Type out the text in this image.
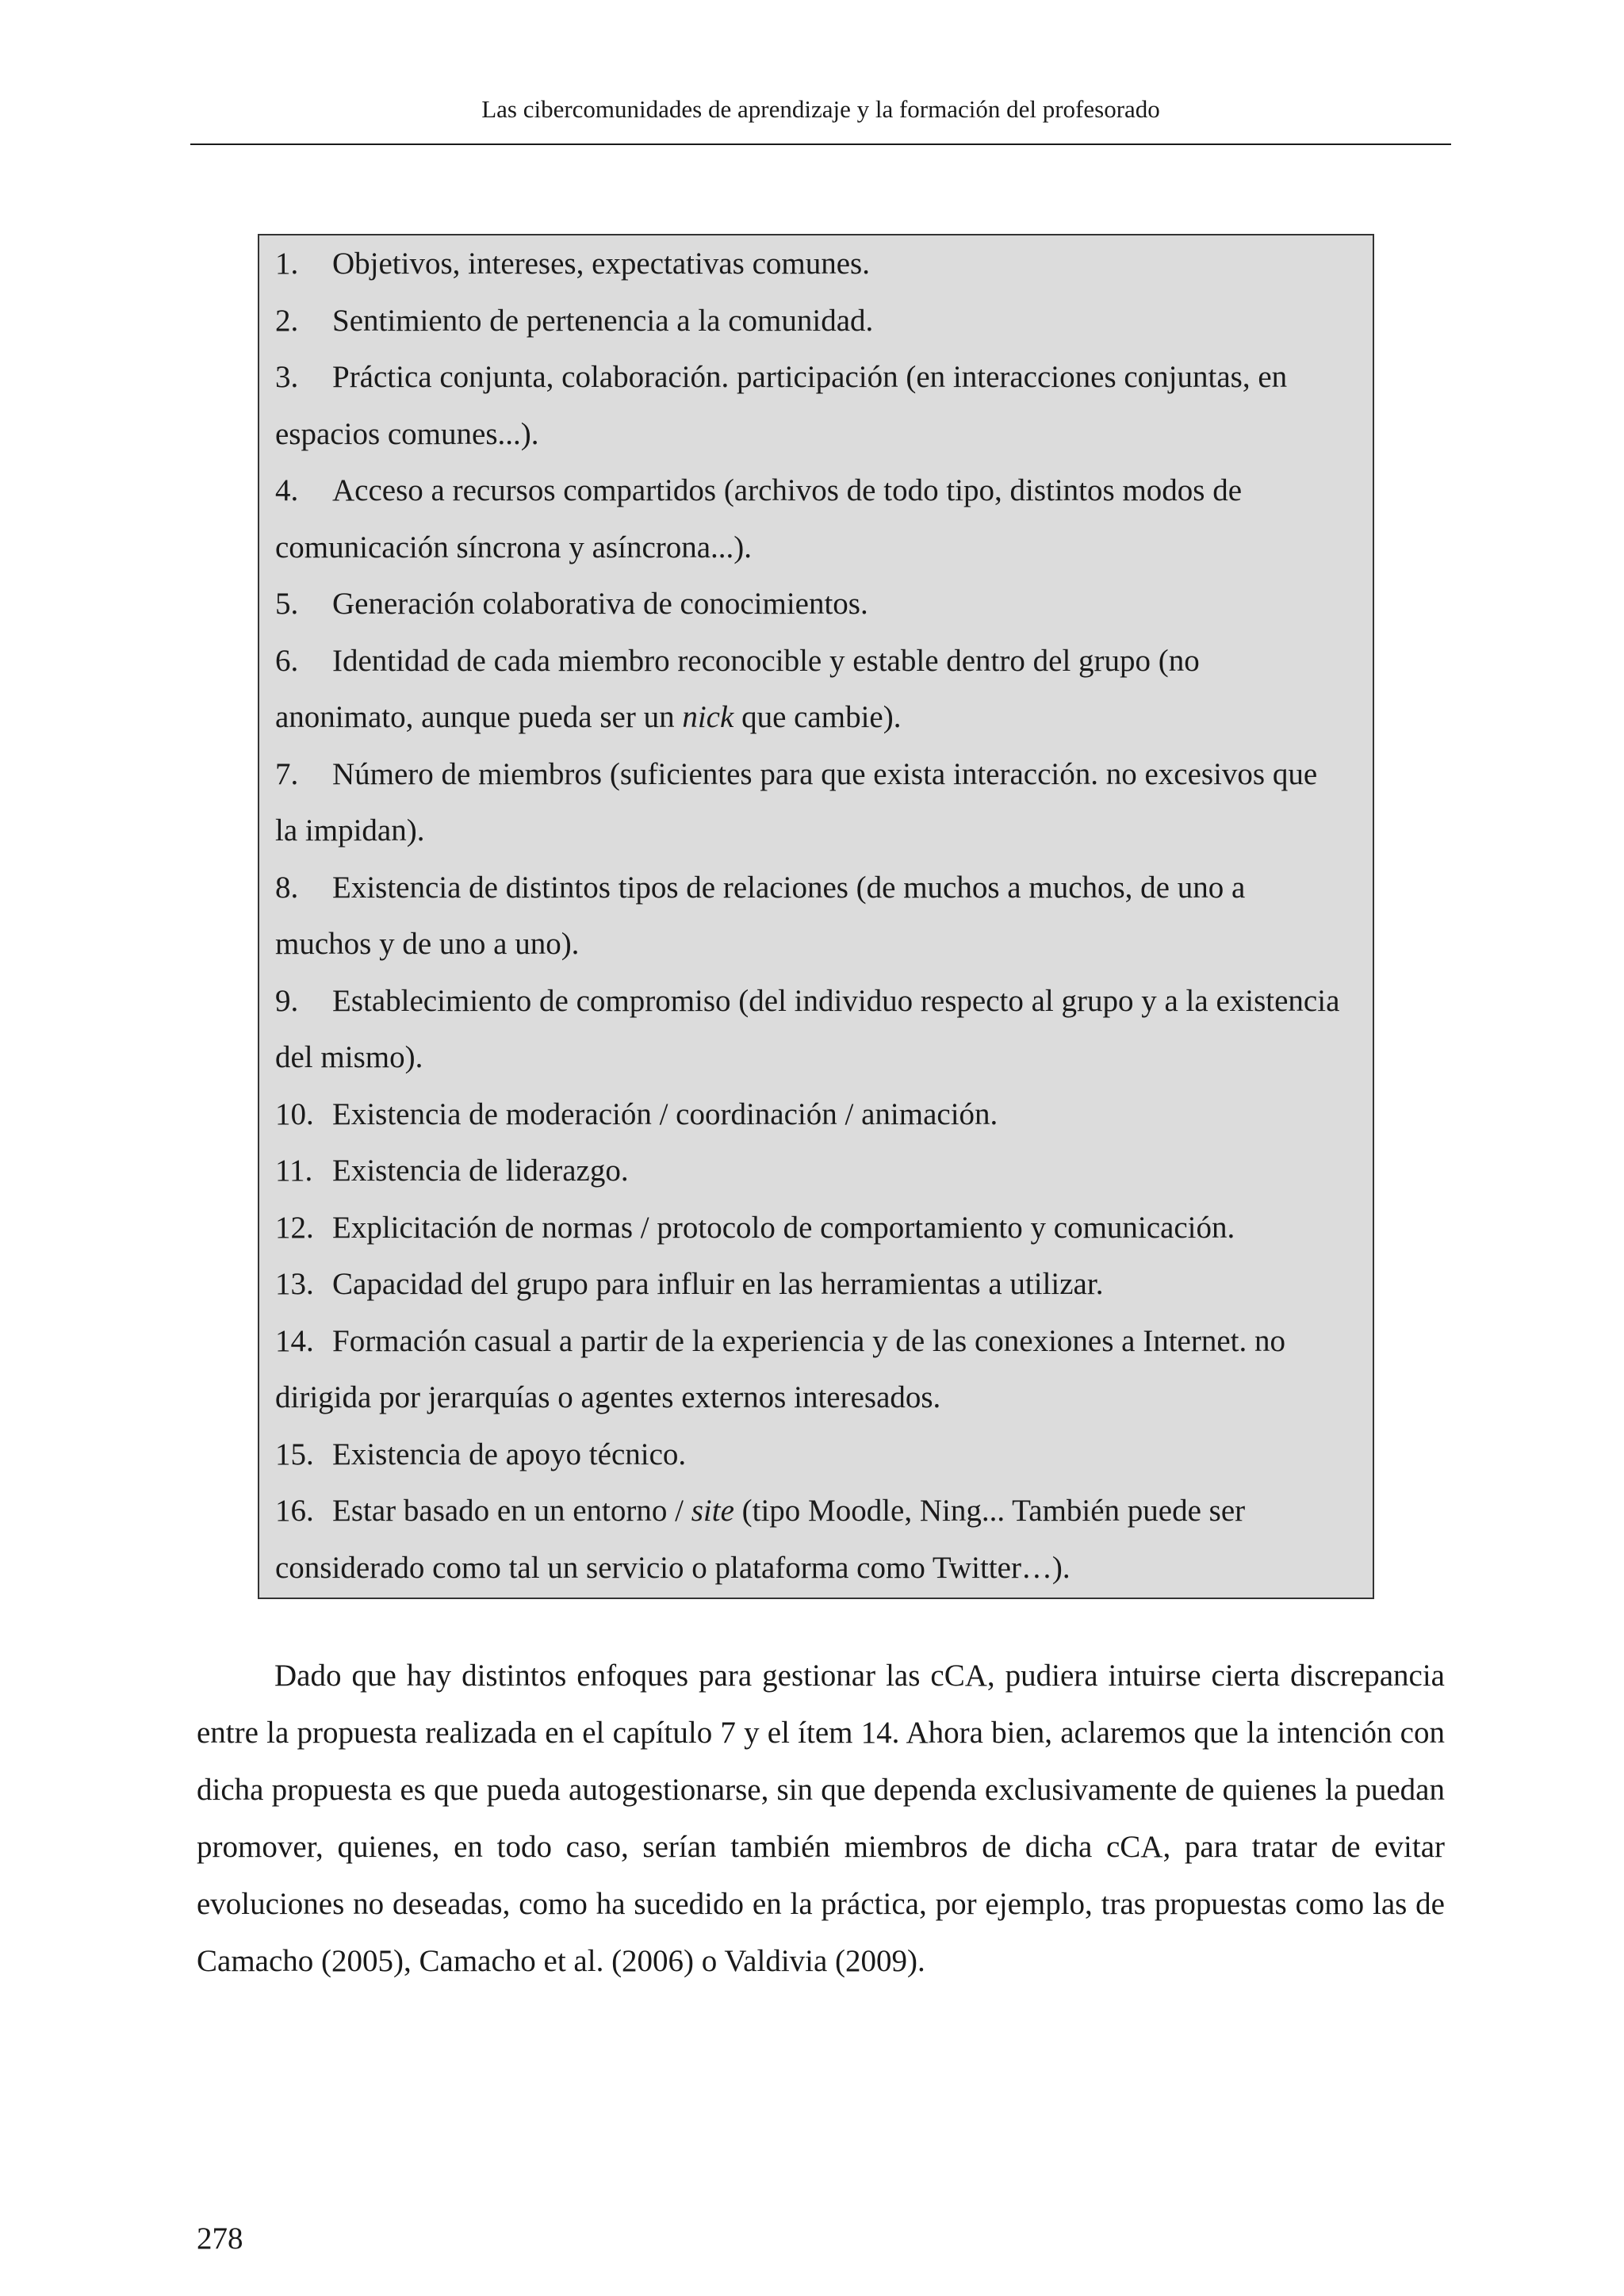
Las cibercomunidades de aprendizaje y la formación del profesorado
1. Objetivos, intereses, expectativas comunes.
2. Sentimiento de pertenencia a la comunidad.
3. Práctica conjunta, colaboración. participación (en interacciones conjuntas, en espacios comunes...).
4. Acceso a recursos compartidos (archivos de todo tipo, distintos modos de comunicación síncrona y asíncrona...).
5. Generación colaborativa de conocimientos.
6. Identidad de cada miembro reconocible y estable dentro del grupo (no anonimato, aunque pueda ser un nick que cambie).
7. Número de miembros (suficientes para que exista interacción. no excesivos que la impidan).
8. Existencia de distintos tipos de relaciones (de muchos a muchos, de uno a muchos y de uno a uno).
9. Establecimiento de compromiso (del individuo respecto al grupo y a la existencia del mismo).
10. Existencia de moderación / coordinación / animación.
11. Existencia de liderazgo.
12. Explicitación de normas / protocolo de comportamiento y comunicación.
13. Capacidad del grupo para influir en las herramientas a utilizar.
14. Formación casual a partir de la experiencia y de las conexiones a Internet. no dirigida por jerarquías o agentes externos interesados.
15. Existencia de apoyo técnico.
16. Estar basado en un entorno / site (tipo Moodle, Ning... También puede ser considerado como tal un servicio o plataforma como Twitter…).

Dado que hay distintos enfoques para gestionar las cCA, pudiera intuirse cierta discrepancia entre la propuesta realizada en el capítulo 7 y el ítem 14. Ahora bien, aclaremos que la intención con dicha propuesta es que pueda autogestionarse, sin que dependa exclusivamente de quienes la puedan promover, quienes, en todo caso, serían también miembros de dicha cCA, para tratar de evitar evoluciones no deseadas, como ha sucedido en la práctica, por ejemplo, tras propuestas como las de Camacho (2005), Camacho et al. (2006) o Valdivia (2009).

278
